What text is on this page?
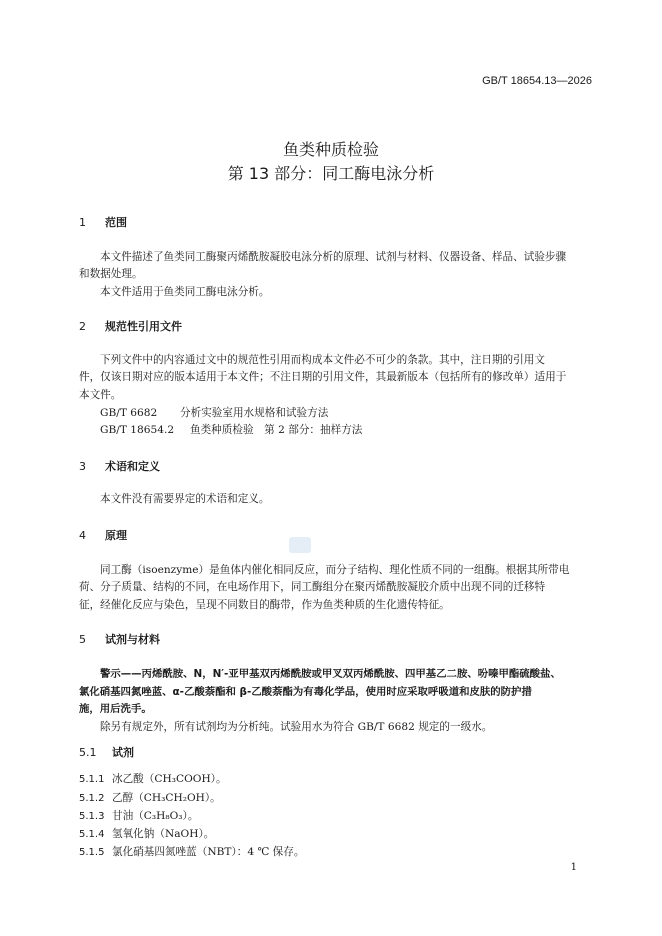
GB/T 18654.13—2026
鱼类种质检验
第 13 部分：同工酶电泳分析
1 范围
本文件描述了鱼类同工酶聚丙烯酰胺凝胶电泳分析的原理、试剂与材料、仪器设备、样品、试验步骤
和数据处理。
本文件适用于鱼类同工酶电泳分析。
2 规范性引用文件
下列文件中的内容通过文中的规范性引用而构成本文件必不可少的条款。其中，注日期的引用文
件，仅该日期对应的版本适用于本文件；不注日期的引用文件，其最新版本（包括所有的修改单）适用于
本文件。
GB/T 6682 分析实验室用水规格和试验方法
GB/T 18654.2 鱼类种质检验　第 2 部分：抽样方法
3 术语和定义
本文件没有需要界定的术语和定义。
4 原理
同工酶（isoenzyme）是鱼体内催化相同反应，而分子结构、理化性质不同的一组酶。根据其所带电
荷、分子质量、结构的不同，在电场作用下，同工酶组分在聚丙烯酰胺凝胶介质中出现不同的迁移特
征，经催化反应与染色，呈现不同数目的酶带，作为鱼类种质的生化遗传特征。
5 试剂与材料
警示——丙烯酰胺、N，N′-亚甲基双丙烯酰胺或甲叉双丙烯酰胺、四甲基乙二胺、吩嗪甲酯硫酸盐、
氯化硝基四氮唑蓝、α-乙酸萘酯和 β-乙酸萘酯为有毒化学品，使用时应采取呼吸道和皮肤的防护措
施，用后洗手。
除另有规定外，所有试剂均为分析纯。试验用水为符合 GB/T 6682 规定的一级水。
5.1 试剂
5.1.1 冰乙酸（CH₃COOH）。
5.1.2 乙醇（CH₃CH₂OH）。
5.1.3 甘油（C₃H₈O₃）。
5.1.4 氢氧化钠（NaOH）。
5.1.5 氯化硝基四氮唑蓝（NBT）：4 ℃ 保存。
1
